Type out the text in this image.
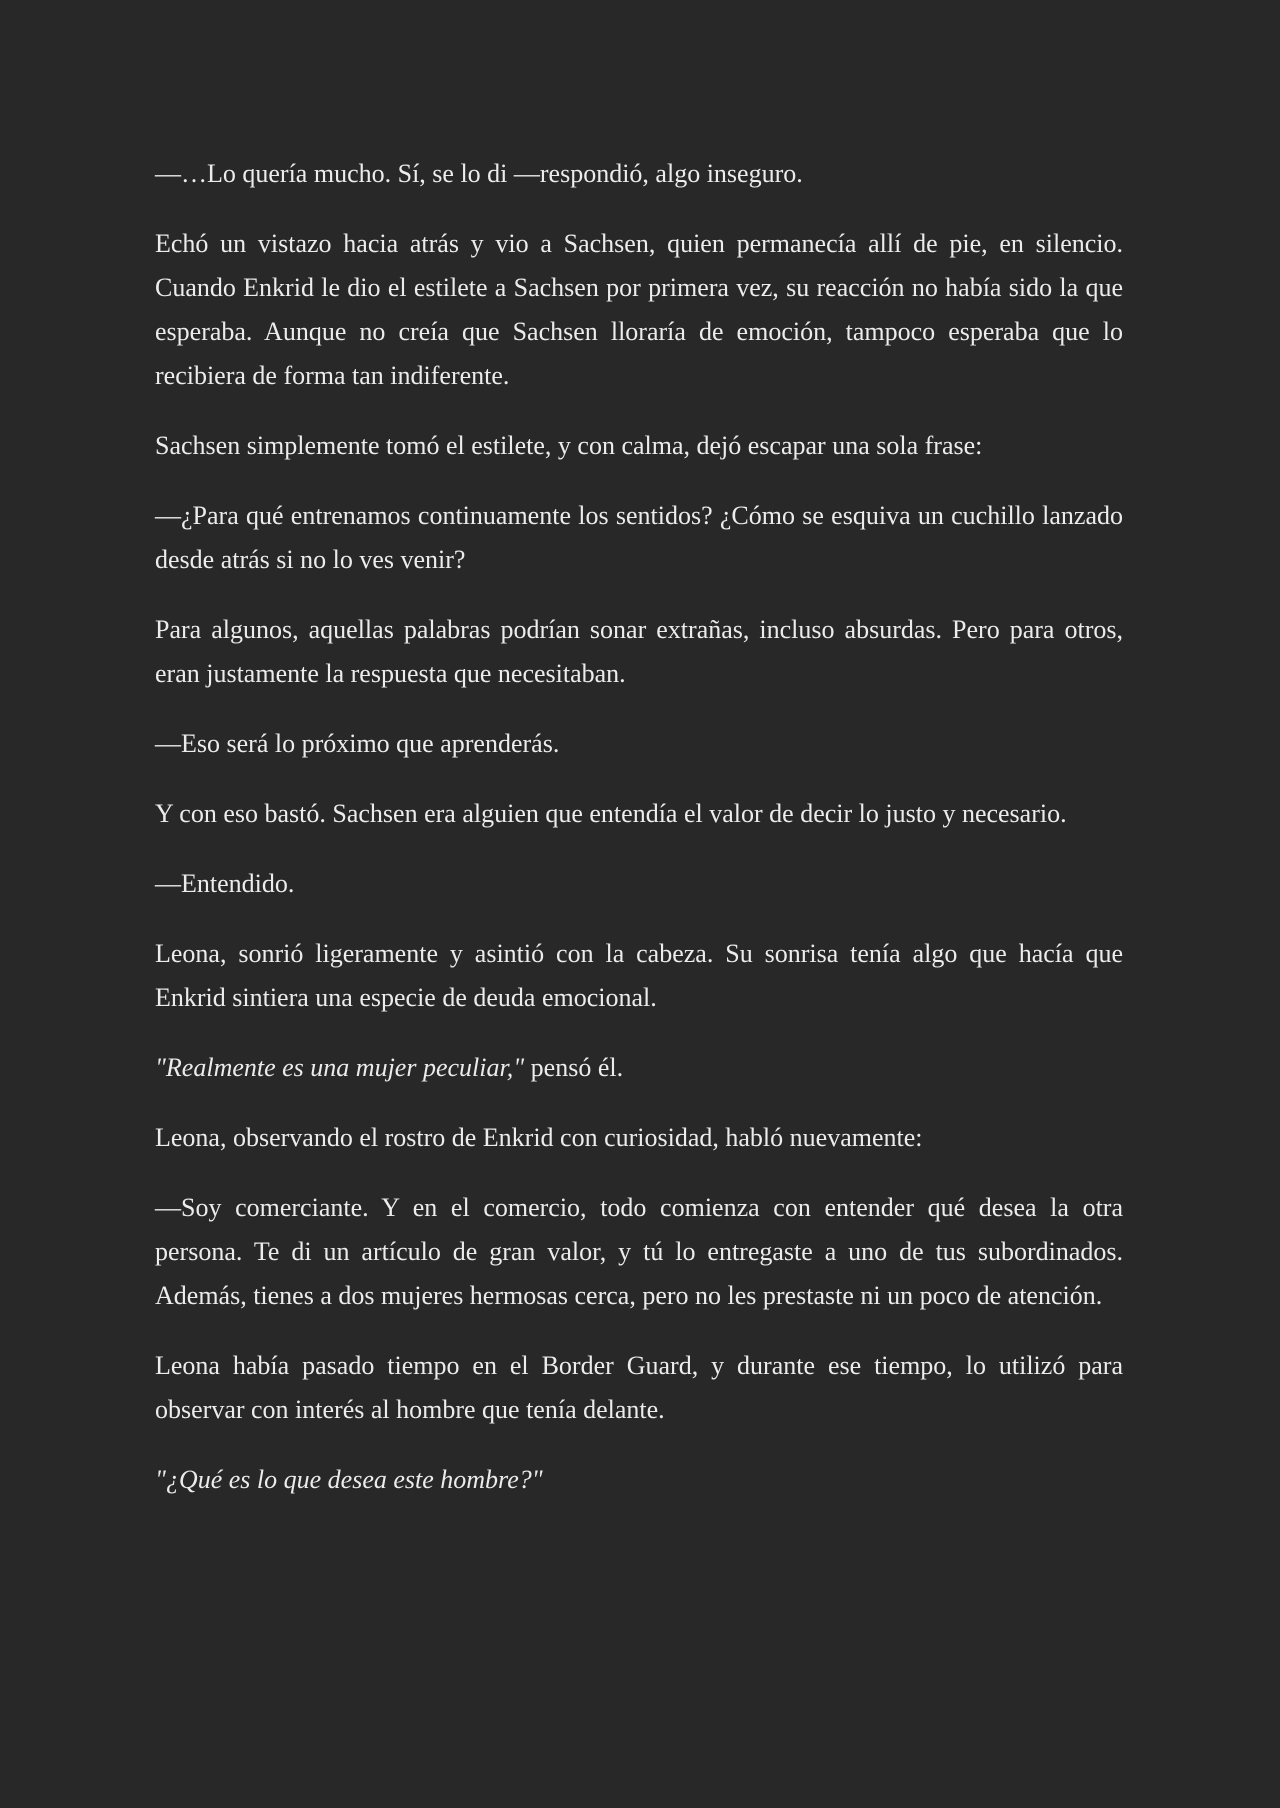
—…Lo quería mucho. Sí, se lo di —respondió, algo inseguro.

Echó un vistazo hacia atrás y vio a Sachsen, quien permanecía allí de pie, en silencio. Cuando Enkrid le dio el estilete a Sachsen por primera vez, su reacción no había sido la que esperaba. Aunque no creía que Sachsen lloraría de emoción, tampoco esperaba que lo recibiera de forma tan indiferente.

Sachsen simplemente tomó el estilete, y con calma, dejó escapar una sola frase:

—¿Para qué entrenamos continuamente los sentidos? ¿Cómo se esquiva un cuchillo lanzado desde atrás si no lo ves venir?

Para algunos, aquellas palabras podrían sonar extrañas, incluso absurdas. Pero para otros, eran justamente la respuesta que necesitaban.

—Eso será lo próximo que aprenderás.

Y con eso bastó. Sachsen era alguien que entendía el valor de decir lo justo y necesario.

—Entendido.

Leona, sonrió ligeramente y asintió con la cabeza. Su sonrisa tenía algo que hacía que Enkrid sintiera una especie de deuda emocional.

"Realmente es una mujer peculiar," pensó él.

Leona, observando el rostro de Enkrid con curiosidad, habló nuevamente:

—Soy comerciante. Y en el comercio, todo comienza con entender qué desea la otra persona. Te di un artículo de gran valor, y tú lo entregaste a uno de tus subordinados. Además, tienes a dos mujeres hermosas cerca, pero no les prestaste ni un poco de atención.

Leona había pasado tiempo en el Border Guard, y durante ese tiempo, lo utilizó para observar con interés al hombre que tenía delante.

"¿Qué es lo que desea este hombre?"
